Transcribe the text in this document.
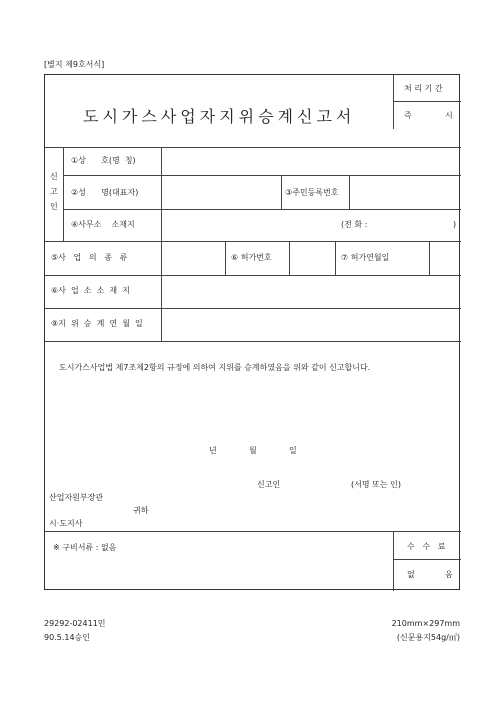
[별지 제9호서식]
도시가스사업자지위승계신고서
처 리 기 간
즉	시
신
고
인
①상      호(명  칭)
②성      명(대표자)	③주민등록번호
④사무소    소재지	(전 화 :	)
⑤사   업   의   종   류	⑥ 허가번호	⑦ 허가연월일
⑥사  업  소  소  재  지
⑨지  위  승  계  연  월  일
도시가스사업법 제7조제2항의 규정에 의하여 지위를 승계하였음을 위와 같이 신고합니다.
년	월	일
신고인	(서명 또는 인)
산업자원부장관
귀하
시·도지사
※ 구비서류 : 없음	수   수   료
없	음
29292-02411민
90.5.14승인
210mm×297mm
(신문용지54g/㎡)
